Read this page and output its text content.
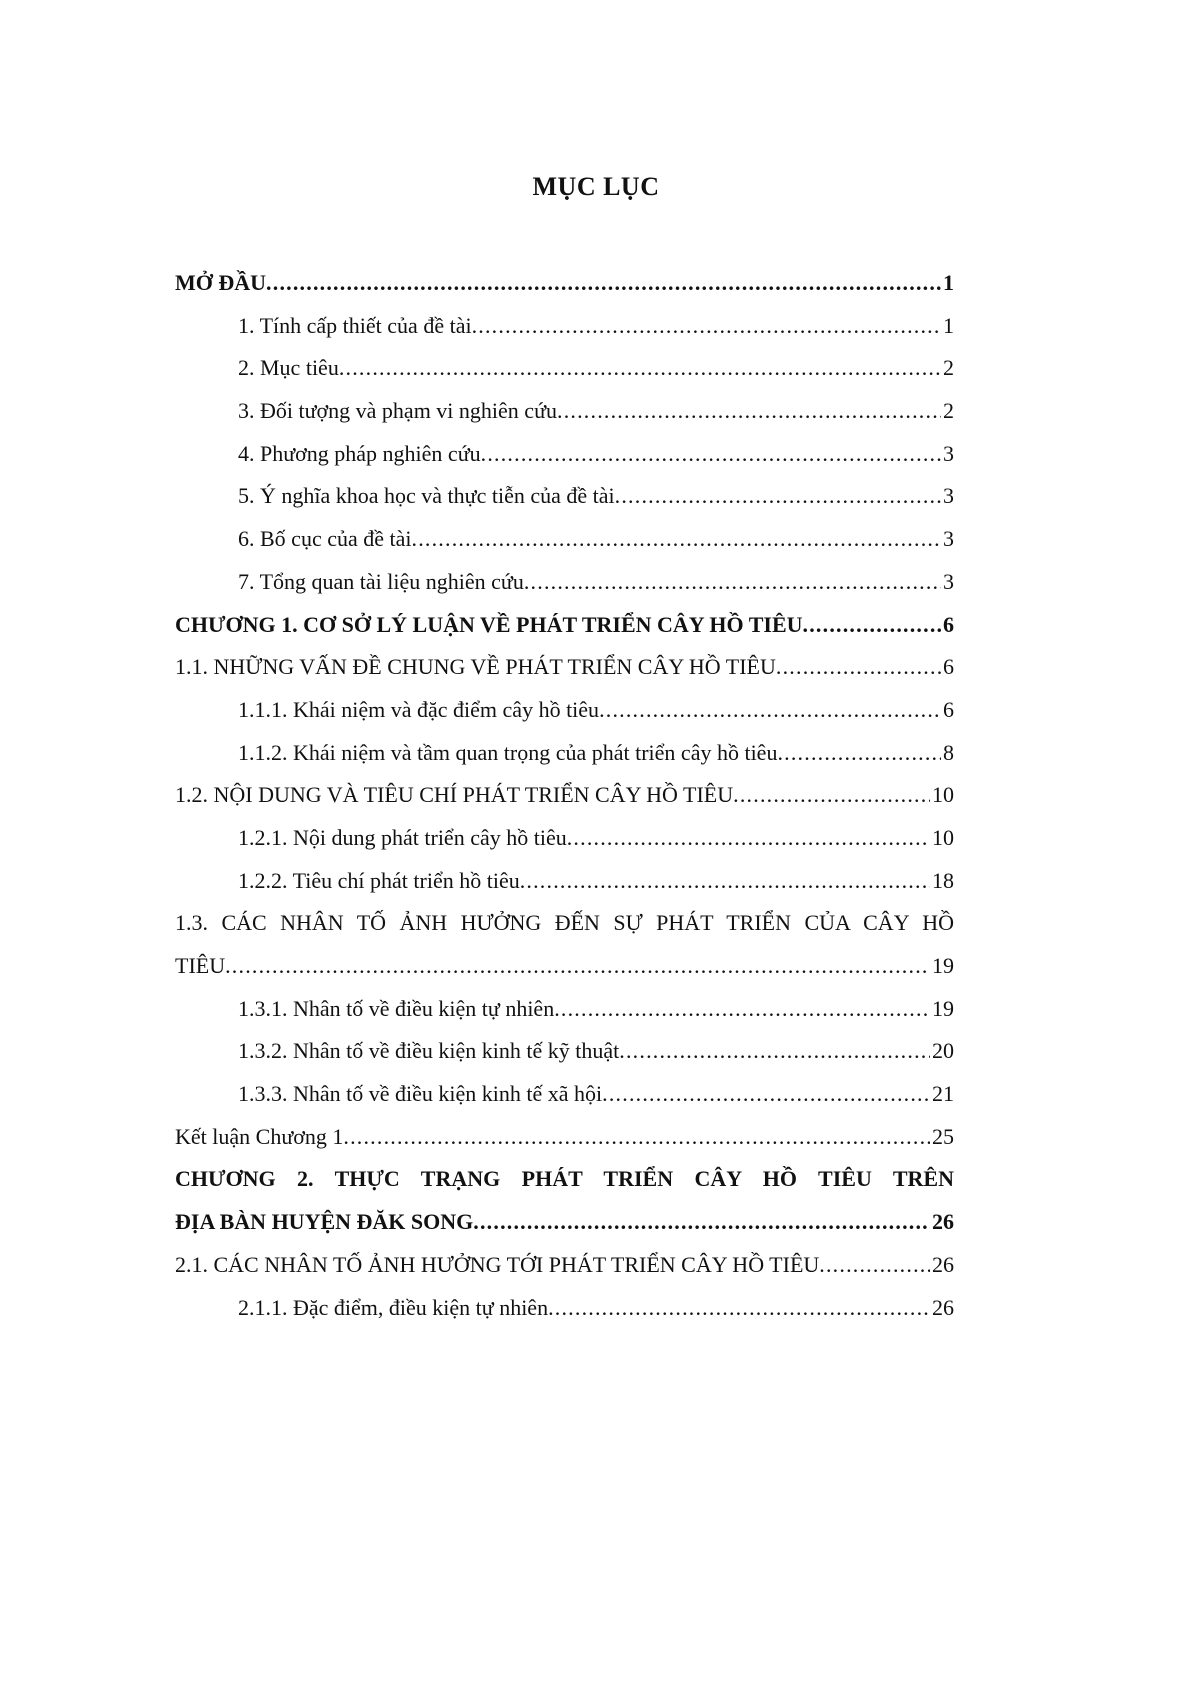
MỤC LỤC
MỞ ĐẦU .....	1
1. Tính cấp thiết của đề tài .....	1
2. Mục tiêu .....	2
3. Đối tượng và phạm vi nghiên cứu .....	2
4. Phương pháp nghiên cứu .....	3
5. Ý nghĩa khoa học và thực tiễn của đề tài .....	3
6. Bố cục của đề tài .....	3
7. Tổng quan tài liệu nghiên cứu .....	3
CHƯƠNG 1. CƠ SỞ LÝ LUẬN VỀ PHÁT TRIỂN CÂY HỒ TIÊU .....	6
1.1. NHỮNG VẤN ĐỀ CHUNG VỀ PHÁT TRIỂN CÂY HỒ TIÊU .....	6
1.1.1. Khái niệm và đặc điểm cây hồ tiêu .....	6
1.1.2. Khái niệm và tầm quan trọng của phát triển cây hồ tiêu .....	8
1.2. NỘI DUNG VÀ TIÊU CHÍ PHÁT TRIỂN CÂY HỒ TIÊU .....	10
1.2.1. Nội dung phát triển cây hồ tiêu .....	10
1.2.2. Tiêu chí phát triển hồ tiêu .....	18
1.3. CÁC NHÂN TỐ ẢNH HƯỞNG ĐẾN SỰ PHÁT TRIỂN CỦA CÂY HỒ
TIÊU .....	19
1.3.1. Nhân tố về điều kiện tự nhiên .....	19
1.3.2. Nhân tố về điều kiện kinh tế kỹ thuật .....	20
1.3.3. Nhân tố về điều kiện kinh tế xã hội .....	21
Kết luận Chương 1 .....	25
CHƯƠNG 2. THỰC TRẠNG PHÁT TRIỂN CÂY HỒ TIÊU TRÊN
ĐỊA BÀN HUYỆN ĐĂK SONG .....	26
2.1. CÁC NHÂN TỐ ẢNH HƯỞNG TỚI PHÁT TRIỂN CÂY HỒ TIÊU .....	26
2.1.1. Đặc điểm, điều kiện tự nhiên .....	26
